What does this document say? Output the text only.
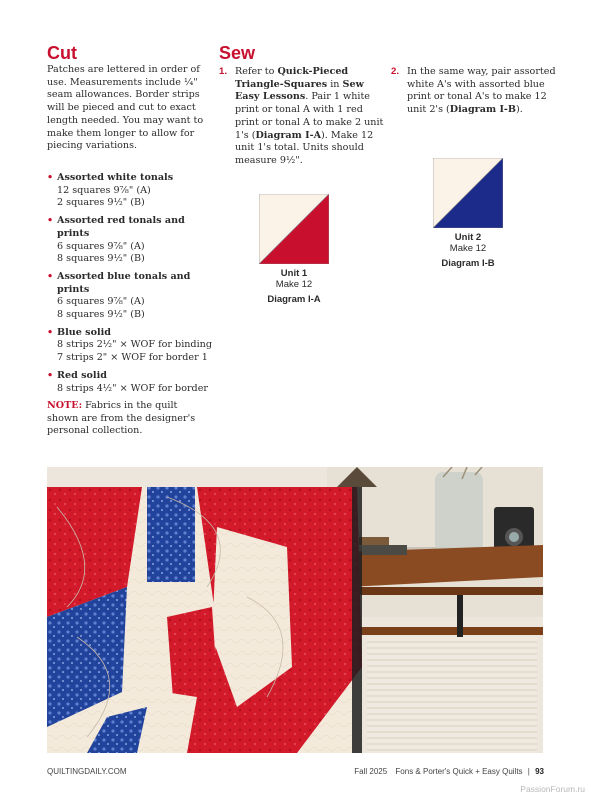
Cut
Patches are lettered in order of use. Measurements include ¼" seam allowances. Border strips will be pieced and cut to exact length needed. You may want to make them longer to allow for piecing variations.
• Assorted white tonals
12 squares 9⅞" (A)
2 squares 9½" (B)
• Assorted red tonals and prints
6 squares 9⅞" (A)
8 squares 9½" (B)
• Assorted blue tonals and prints
6 squares 9⅞" (A)
8 squares 9½" (B)
• Blue solid
8 strips 2½" × WOF for binding
7 strips 2" × WOF for border 1
• Red solid
8 strips 4½" × WOF for border
NOTE: Fabrics in the quilt shown are from the designer's personal collection.
Sew
1. Refer to Quick-Pieced Triangle-Squares in Sew Easy Lessons. Pair 1 white print or tonal A with 1 red print or tonal A to make 2 unit 1's (Diagram I-A). Make 12 unit 1's total. Units should measure 9½".
2. In the same way, pair assorted white A's with assorted blue print or tonal A's to make 12 unit 2's (Diagram I-B).
Unit 1
Make 12
Diagram I-A
Unit 2
Make 12
Diagram I-B
QUILTINGDAILY.COM	Fall 2025 Fons & Porter's Quick + Easy Quilts | 93
PassionForum.ru
